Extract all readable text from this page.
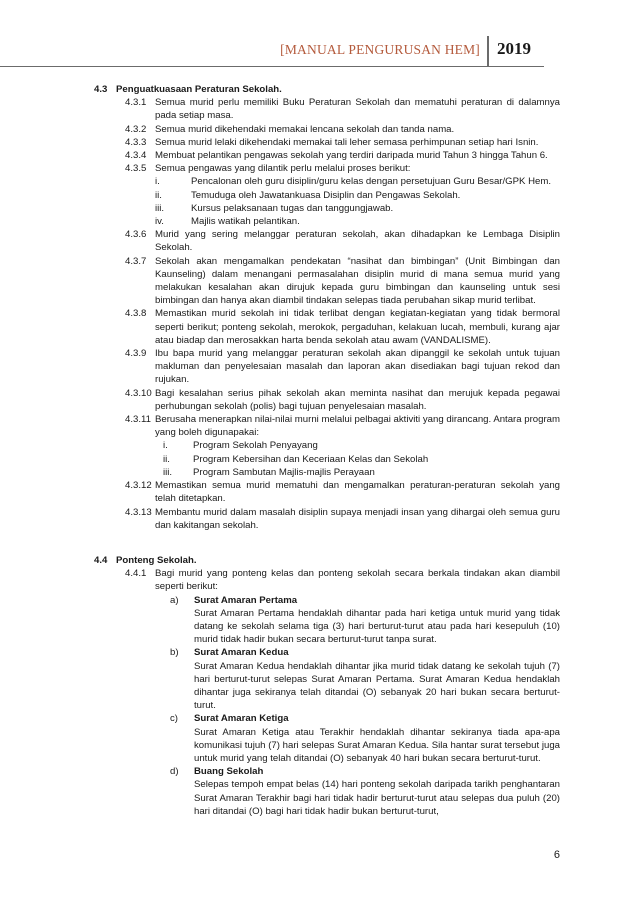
[MANUAL PENGURUSAN HEM] 2019
4.3 Penguatkuasaan Peraturan Sekolah.
4.3.1 Semua murid perlu memiliki Buku Peraturan Sekolah dan mematuhi peraturan di dalamnya pada setiap masa.
4.3.2 Semua murid dikehendaki memakai lencana sekolah dan tanda nama.
4.3.3 Semua murid lelaki dikehendaki memakai tali leher semasa perhimpunan setiap hari Isnin.
4.3.4 Membuat pelantikan pengawas sekolah yang terdiri daripada murid Tahun 3 hingga Tahun 6.
4.3.5 Semua pengawas yang dilantik perlu melalui proses berikut:
i.	Pencalonan oleh guru disiplin/guru kelas dengan persetujuan Guru Besar/GPK Hem.
ii.	Temuduga oleh Jawatankuasa Disiplin dan Pengawas Sekolah.
iii.	Kursus pelaksanaan tugas dan tanggungjawab.
iv.	Majlis watikah pelantikan.
4.3.6 Murid yang sering melanggar peraturan sekolah, akan dihadapkan ke Lembaga Disiplin Sekolah.
4.3.7 Sekolah akan mengamalkan pendekatan “nasihat dan bimbingan” (Unit Bimbingan dan Kaunseling) dalam menangani permasalahan disiplin murid di mana semua murid yang melakukan kesalahan akan dirujuk kepada guru bimbingan dan kaunseling untuk sesi bimbingan dan hanya akan diambil tindakan selepas tiada perubahan sikap murid terlibat.
4.3.8 Memastikan murid sekolah ini tidak terlibat dengan kegiatan-kegiatan yang tidak bermoral seperti berikut; ponteng sekolah, merokok, pergaduhan, kelakuan lucah, membuli, kurang ajar atau biadap dan merosakkan harta benda sekolah atau awam (VANDALISME).
4.3.9 Ibu bapa murid yang melanggar peraturan sekolah akan dipanggil ke sekolah untuk tujuan makluman dan penyelesaian masalah dan laporan akan disediakan bagi tujuan rekod dan rujukan.
4.3.10 Bagi kesalahan serius pihak sekolah akan meminta nasihat dan merujuk kepada pegawai perhubungan sekolah (polis) bagi tujuan penyelesaian masalah.
4.3.11 Berusaha menerapkan nilai-nilai murni melalui pelbagai aktiviti yang dirancang. Antara program yang boleh digunapakai:
i.	Program Sekolah Penyayang
ii. Program Kebersihan dan Keceriaan Kelas dan Sekolah
iii. Program Sambutan Majlis-majlis Perayaan
4.3.12 Memastikan semua murid mematuhi dan mengamalkan peraturan-peraturan sekolah yang telah ditetapkan.
4.3.13 Membantu murid dalam masalah disiplin supaya menjadi insan yang dihargai oleh semua guru dan kakitangan sekolah.
4.4 Ponteng Sekolah.
4.4.1 Bagi murid yang ponteng kelas dan ponteng sekolah secara berkala tindakan akan diambil seperti berikut:
a) Surat Amaran Pertama
Surat Amaran Pertama hendaklah dihantar pada hari ketiga untuk murid yang tidak datang ke sekolah selama tiga (3) hari berturut-turut atau pada hari kesepuluh (10) murid tidak hadir bukan secara berturut-turut tanpa surat.
b) Surat Amaran Kedua
Surat Amaran Kedua hendaklah dihantar jika murid tidak datang ke sekolah tujuh (7) hari berturut-turut selepas Surat Amaran Pertama. Surat Amaran Kedua hendaklah dihantar juga sekiranya telah ditandai (O) sebanyak 20 hari bukan secara berturut-turut.
c) Surat Amaran Ketiga
Surat Amaran Ketiga atau Terakhir hendaklah dihantar sekiranya tiada apa-apa komunikasi tujuh (7) hari selepas Surat Amaran Kedua. Sila hantar surat tersebut juga untuk murid yang telah ditandai (O) sebanyak 40 hari bukan secara berturut-turut.
d) Buang Sekolah
Selepas tempoh empat belas (14) hari ponteng sekolah daripada tarikh penghantaran Surat Amaran Terakhir bagi hari tidak hadir berturut-turut atau selepas dua puluh (20) hari ditandai (O) bagi hari tidak hadir bukan berturut-turut,
6
